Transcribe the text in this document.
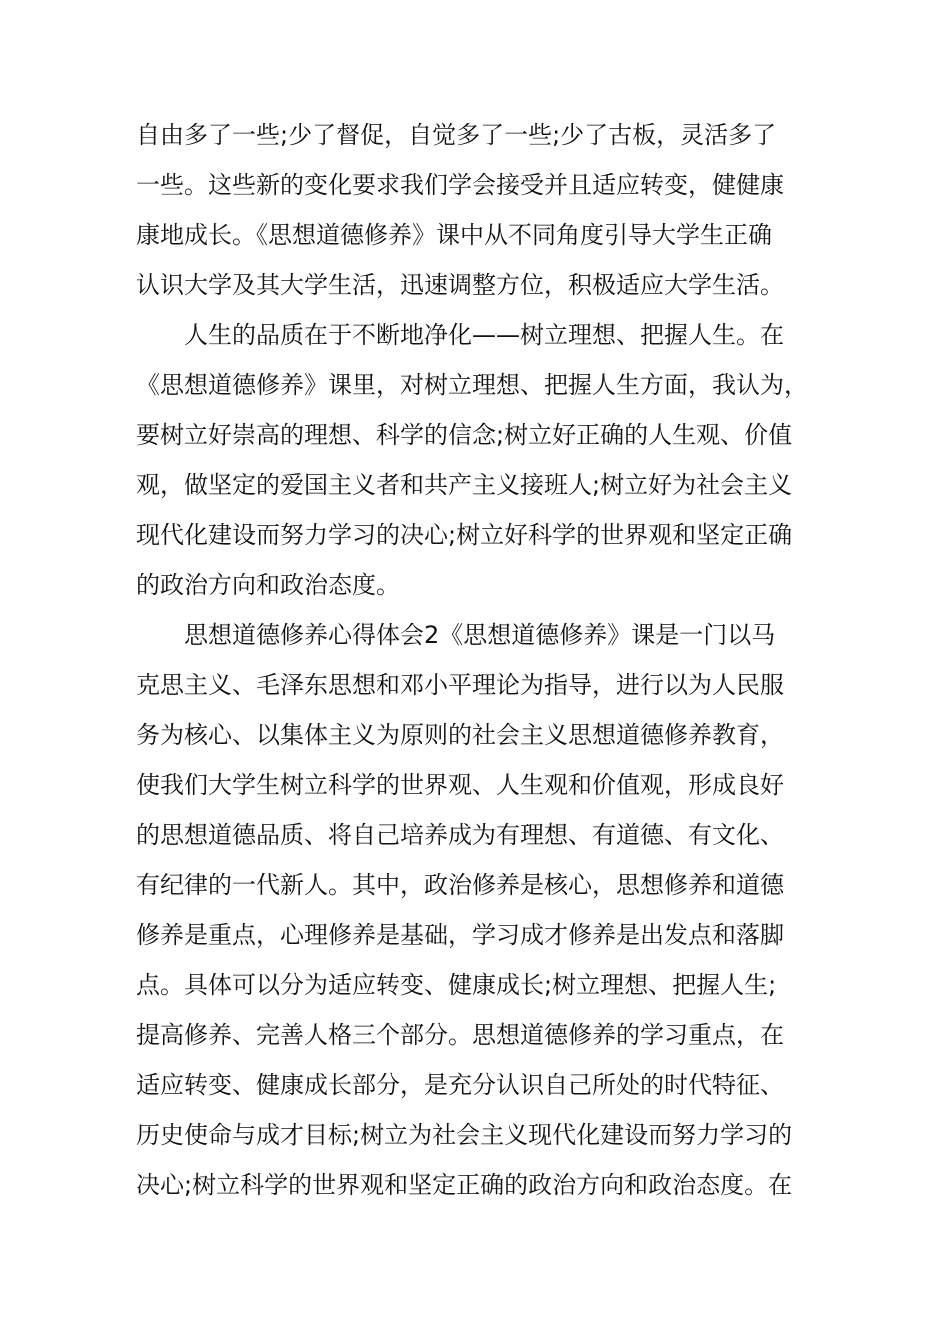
自由多了一些;少了督促，自觉多了一些;少了古板，灵活多了
一些。这些新的变化要求我们学会接受并且适应转变，健健康
康地成长。《思想道德修养》课中从不同角度引导大学生正确
认识大学及其大学生活，迅速调整方位，积极适应大学生活。
　　人生的品质在于不断地净化——树立理想、把握人生。在
《思想道德修养》课里，对树立理想、把握人生方面，我认为，
要树立好崇高的理想、科学的信念;树立好正确的人生观、价值
观，做坚定的爱国主义者和共产主义接班人;树立好为社会主义
现代化建设而努力学习的决心;树立好科学的世界观和坚定正确
的政治方向和政治态度。
　　思想道德修养心得体会2《思想道德修养》课是一门以马
克思主义、毛泽东思想和邓小平理论为指导，进行以为人民服
务为核心、以集体主义为原则的社会主义思想道德修养教育，
使我们大学生树立科学的世界观、人生观和价值观，形成良好
的思想道德品质、将自己培养成为有理想、有道德、有文化、
有纪律的一代新人。其中，政治修养是核心，思想修养和道德
修养是重点，心理修养是基础，学习成才修养是出发点和落脚
点。具体可以分为适应转变、健康成长;树立理想、把握人生;
提高修养、完善人格三个部分。思想道德修养的学习重点，在
适应转变、健康成长部分，是充分认识自己所处的时代特征、
历史使命与成才目标;树立为社会主义现代化建设而努力学习的
决心;树立科学的世界观和坚定正确的政治方向和政治态度。在
